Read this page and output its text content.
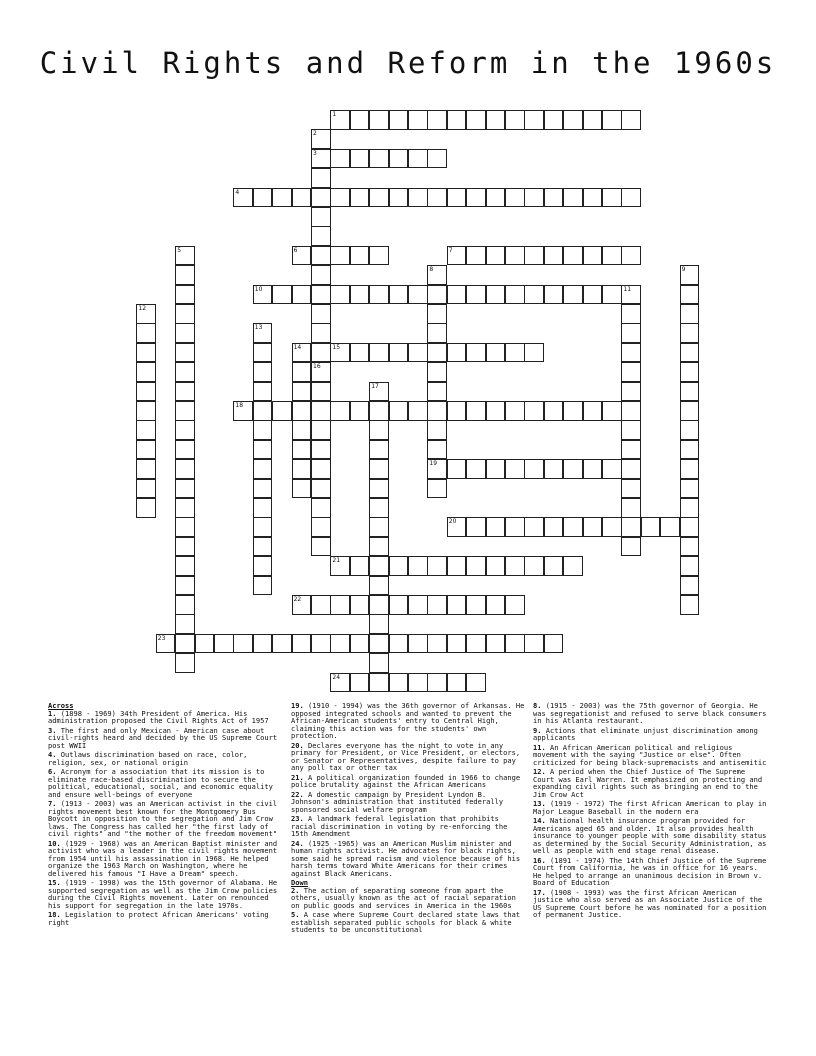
Civil Rights and Reform in the 1960s
1
2
3
4
5	6	7
8
19
9
10	11
12
13
14	15
16
17
18
20
21
22
23
24
Across
1. (1898 - 1969) 34th President of America. His administration proposed the Civil Rights Act of 1957
3. The first and only Mexican - American case about civil-rights heard and decided by the US Supreme Court post WWII
4. Outlaws discrimination based on race, color, religion, sex, or national origin
6. Acronym for a association that its mission is to eliminate race-based discrimination to secure the political, educational, social, and economic equality and ensure well-beings of everyone
7. (1913 - 2003) was an American activist in the civil rights movement best known for the Montgomery Bus Boycott in opposition to the segregation and Jim Crow laws. The Congress has called her "the first lady of civil rights" and "the mother of the freedom movement"
10. (1929 - 1968) was an American Baptist minister and activist who was a leader in the civil rights movement from 1954 until his assassination in 1968. He helped organize the 1963 March on Washington, where he delivered his famous "I Have a Dream" speech.
15. (1919 - 1998) was the 15th governor of Alabama. He supported segregation as well as the Jim Crow policies during the Civil Rights movement. Later on renounced his support for segregation in the late 1970s.
18. Legislation to protect African Americans' voting right
19. (1910 - 1994) was the 36th governor of Arkansas. He opposed integrated schools and wanted to prevent the African-American students' entry to Central High, claiming this action was for the students' own protection.
20. Declares everyone has the night to vote in any primary for President, or Vice President, or electors, or Senator or Representatives, despite failure to pay any poll tax or other tax
21. A political organization founded in 1966 to change police brutality against the African Americans
22. A domestic campaign by President Lyndon B. Johnson's administration that instituted federally sponsored social welfare program
23. A landmark federal legislation that prohibits racial discrimination in voting by re-enforcing the 15th Amendment
24. (1925 -1965) was an American Muslim minister and human rights activist. He advocates for black rights, some said he spread racism and violence because of his harsh terms toward White Americans for their crimes against Black Americans.
Down
2. The action of separating someone from apart the others, usually known as the act of racial separation on public goods and services in America in the 1960s
5. A case where Supreme Court declared state laws that establish separated public schools for black & white students to be unconstitutional
8. (1915 - 2003) was the 75th governor of Georgia. He was segregationist and refused to serve black consumers in his Atlanta restaurant.
9. Actions that eliminate unjust discrimination among applicants
11. An African American political and religious movement with the saying "Justice or else". Often criticized for being black-supremacists and antisemitic
12. A period when the Chief Justice of The Supreme Court was Earl Warren. It emphasized on protecting and expanding civil rights such as bringing an end to the Jim Crow Act
13. (1919 - 1972) The first African American to play in Major League Baseball in the modern era
14. National health insurance program provided for Americans aged 65 and older. It also provides health insurance to younger people with some disability status as determined by the Social Security Administration, as well as people with end stage renal disease.
16. (1891 - 1974) The 14th Chief Justice of the Supreme Court from California, he was in office for 16 years. He helped to arrange an unanimous decision in Brown v. Board of Education
17. (1908 - 1993) was the first African American justice who also served as an Associate Justice of the US Supreme Court before he was nominated for a position of permanent Justice.
